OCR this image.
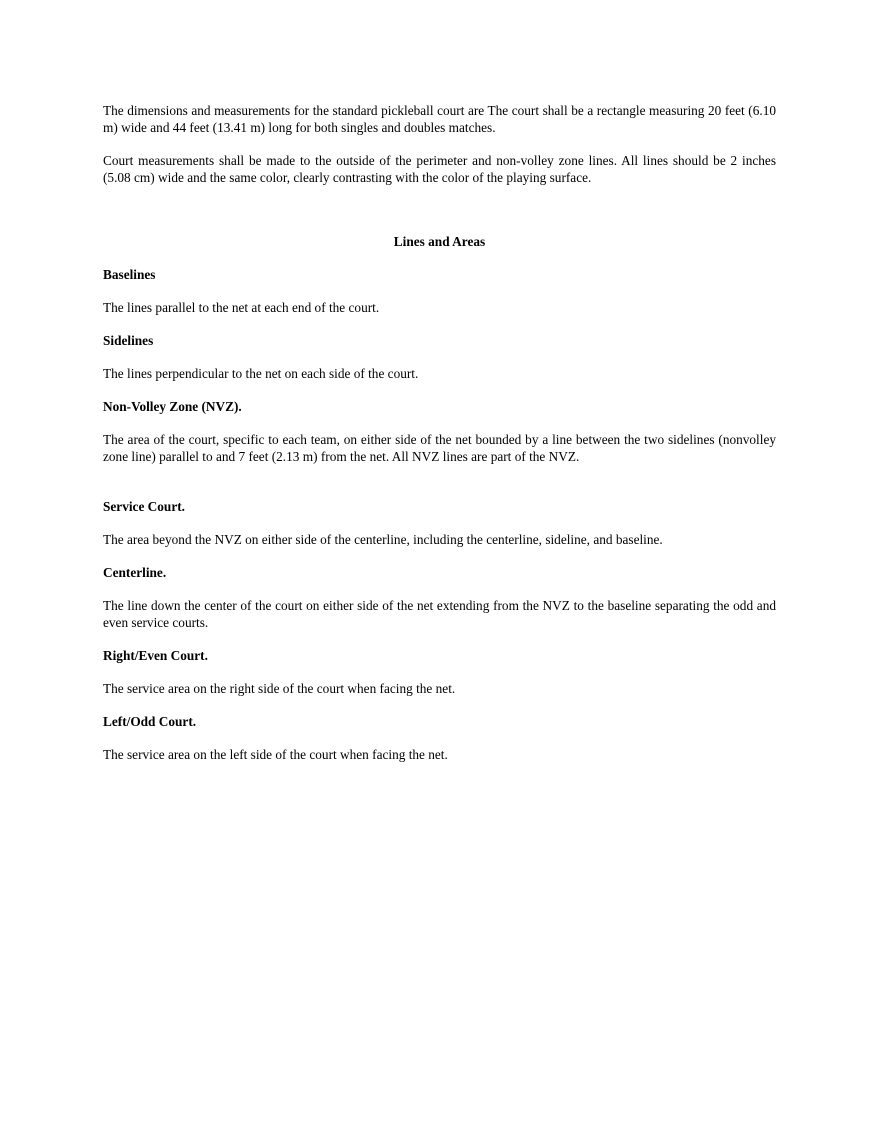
The dimensions and measurements for the standard pickleball court are The court shall be a rectangle measuring 20 feet (6.10 m) wide and 44 feet (13.41 m) long for both singles and doubles matches.

Court measurements shall be made to the outside of the perimeter and non-volley zone lines. All lines should be 2 inches (5.08 cm) wide and the same color, clearly contrasting with the color of the playing surface.

Lines and Areas

Baselines

The lines parallel to the net at each end of the court.

Sidelines

The lines perpendicular to the net on each side of the court.

Non-Volley Zone (NVZ).

The area of the court, specific to each team, on either side of the net bounded by a line between the two sidelines (nonvolley zone line) parallel to and 7 feet (2.13 m) from the net. All NVZ lines are part of the NVZ.

Service Court.

The area beyond the NVZ on either side of the centerline, including the centerline, sideline, and baseline.

Centerline.

The line down the center of the court on either side of the net extending from the NVZ to the baseline separating the odd and even service courts.

Right/Even Court.

The service area on the right side of the court when facing the net.

Left/Odd Court.

The service area on the left side of the court when facing the net.
